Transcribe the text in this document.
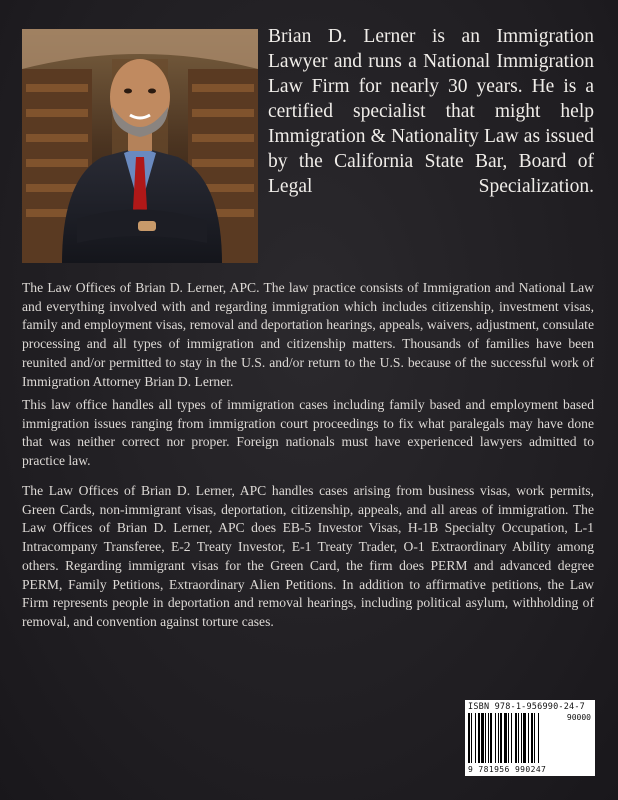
Brian D. Lerner is an Immigration Lawyer and runs a National Immigration Law Firm for nearly 30 years. He is a certified specialist that might help Immigration & Nationality Law as issued by the California State Bar, Board of Legal Specialization.

The Law Offices of Brian D. Lerner, APC. The law practice consists of Immigration and National Law and everything involved with and regarding immigration which includes citizenship, investment visas, family and employment visas, removal and deportation hearings, appeals, waivers, adjustment, consulate processing and all types of immigration and citizenship matters. Thousands of families have been reunited and/or permitted to stay in the U.S. and/or return to the U.S. because of the successful work of Immigration Attorney Brian D. Lerner.

This law office handles all types of immigration cases including family based and employment based immigration issues ranging from immigration court proceedings to fix what paralegals may have done that was neither correct nor proper. Foreign nationals must have experienced lawyers admitted to practice law.

The Law Offices of Brian D. Lerner, APC handles cases arising from business visas, work permits, Green Cards, non-immigrant visas, deportation, citizenship, appeals, and all areas of immigration. The Law Offices of Brian D. Lerner, APC does EB-5 Investor Visas, H-1B Specialty Occupation, L-1 Intracompany Transferee, E-2 Treaty Investor, E-1 Treaty Trader, O-1 Extraordinary Ability among others. Regarding immigrant visas for the Green Card, the firm does PERM and advanced degree PERM, Family Petitions, Extraordinary Alien Petitions. In addition to affirmative petitions, the Law Firm represents people in deportation and removal hearings, including political asylum, withholding of removal, and convention against torture cases.

ISBN 978-1-956990-24-7
90000
9 781956 990247
